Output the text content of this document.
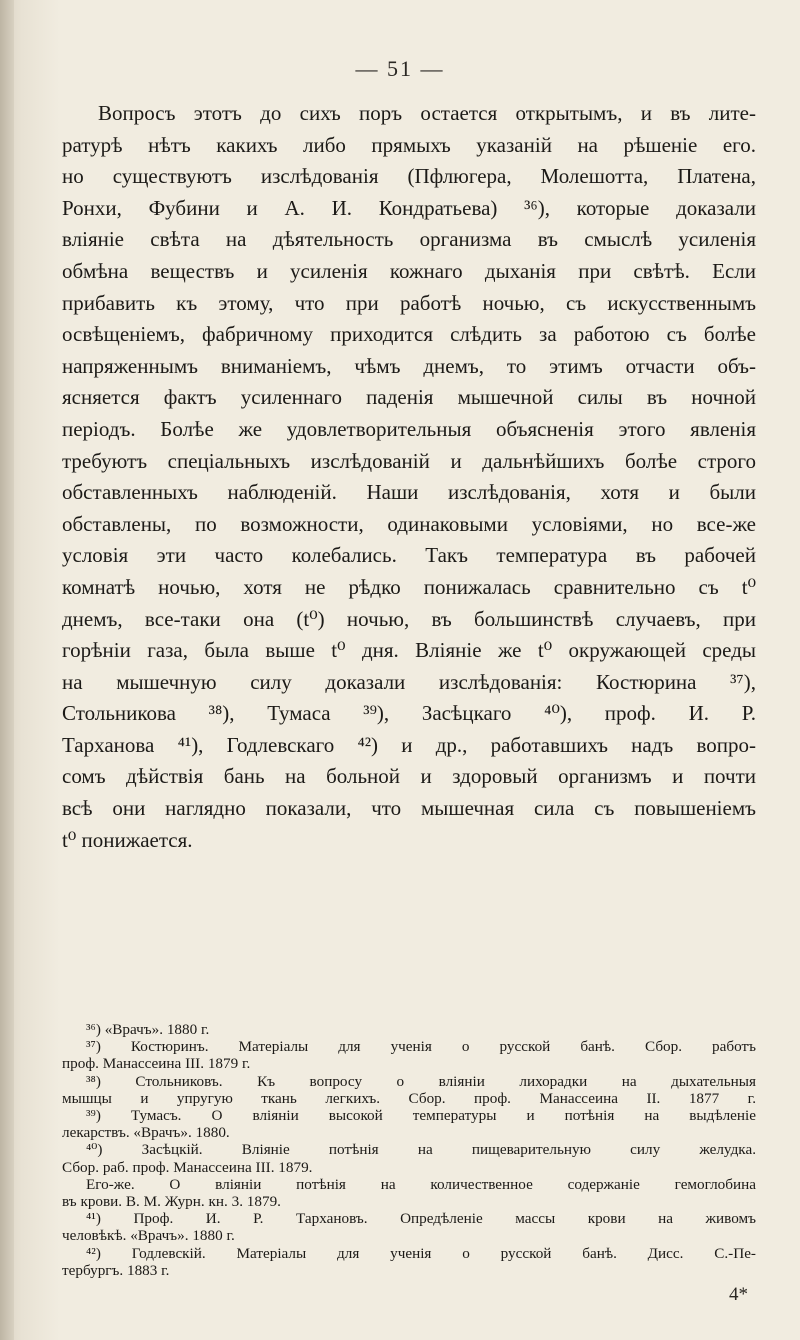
— 51 —
Вопросъ этотъ до сихъ поръ остается открытымъ, и въ лите-
ратурѣ нѣтъ какихъ либо прямыхъ указаній на рѣшеніе его.
но существуютъ изслѣдованія (Пфлюгера, Молешотта, Платена,
Ронхи, Фубини и А. И. Кондратьева) ³⁶), которые доказали
вліяніе свѣта на дѣятельность организма въ смыслѣ усиленія
обмѣна веществъ и усиленія кожнаго дыханія при свѣтѣ. Если
прибавить къ этому, что при работѣ ночью, съ искусственнымъ
освѣщеніемъ, фабричному приходится слѣдить за работою съ болѣе
напряженнымъ вниманіемъ, чѣмъ днемъ, то этимъ отчасти объ-
ясняется фактъ усиленнаго паденія мышечной силы въ ночной
періодъ. Болѣе же удовлетворительныя объясненія этого явленія
требуютъ спеціальныхъ изслѣдованій и дальнѣйшихъ болѣе строго
обставленныхъ наблюденій. Наши изслѣдованія, хотя и были
обставлены, по возможности, одинаковыми условіями, но все-же
условія эти часто колебались. Такъ температура въ рабочей
комнатѣ ночью, хотя не рѣдко понижалась сравнительно съ t⁰
днемъ, все-таки она (t⁰) ночью, въ большинствѣ случаевъ, при
горѣніи газа, была выше t⁰ дня. Вліяніе же t⁰ окружающей среды
на мышечную силу доказали изслѣдованія: Костюрина ³⁷),
Стольникова ³⁸), Тумаса ³⁹), Засѣцкаго ⁴⁰), проф. И. Р.
Тарханова ⁴¹), Годлевскаго ⁴²) и др., работавшихъ надъ вопро-
сомъ дѣйствія бань на больной и здоровый организмъ и почти
всѣ они наглядно показали, что мышечная сила съ повышеніемъ
t⁰ понижается.
³⁶) «Врачъ». 1880 г.
³⁷) Костюринъ. Матеріалы для ученія о русской банѣ. Сбор. работъ
проф. Манассеина III. 1879 г.
³⁸) Стольниковъ. Къ вопросу о вліяніи лихорадки на дыхательныя
мышцы и упругую ткань легкихъ. Сбор. проф. Манассеина II. 1877 г.
³⁹) Тумасъ. О вліяніи высокой температуры и потѣнія на выдѣленіе
лекарствъ. «Врачъ». 1880.
⁴⁰) Засѣцкій. Вліяніе потѣнія на пищеварительную силу желудка.
Сбор. раб. проф. Манассеина III. 1879.
Его-же. О вліяніи потѣнія на количественное содержаніе гемоглобина
въ крови. В. М. Журн. кн. 3. 1879.
⁴¹) Проф. И. Р. Тархановъ. Опредѣленіе массы крови на живомъ
человѣкѣ. «Врачъ». 1880 г.
⁴²) Годлевскій. Матеріалы для ученія о русской банѣ. Дисс. С.-Пе-
тербургъ. 1883 г.
4*
